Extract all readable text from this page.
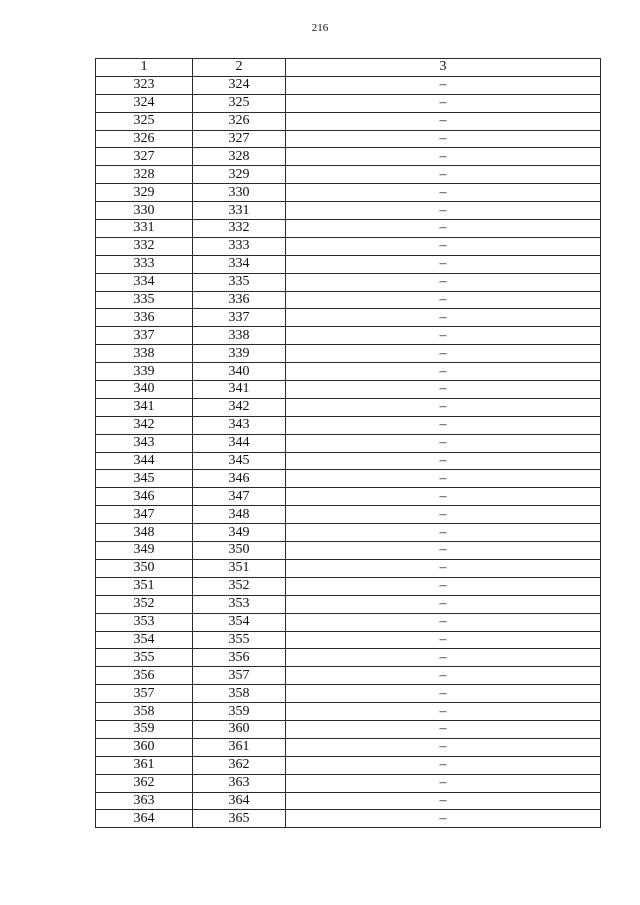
216
1	2	3
323	324	–
324	325	–
325	326	–
326	327	–
327	328	–
328	329	–
329	330	–
330	331	–
331	332	–
332	333	–
333	334	–
334	335	–
335	336	–
336	337	–
337	338	–
338	339	–
339	340	–
340	341	–
341	342	–
342	343	–
343	344	–
344	345	–
345	346	–
346	347	–
347	348	–
348	349	–
349	350	–
350	351	–
351	352	–
352	353	–
353	354	–
354	355	–
355	356	–
356	357	–
357	358	–
358	359	–
359	360	–
360	361	–
361	362	–
362	363	–
363	364	–
364	365	–
